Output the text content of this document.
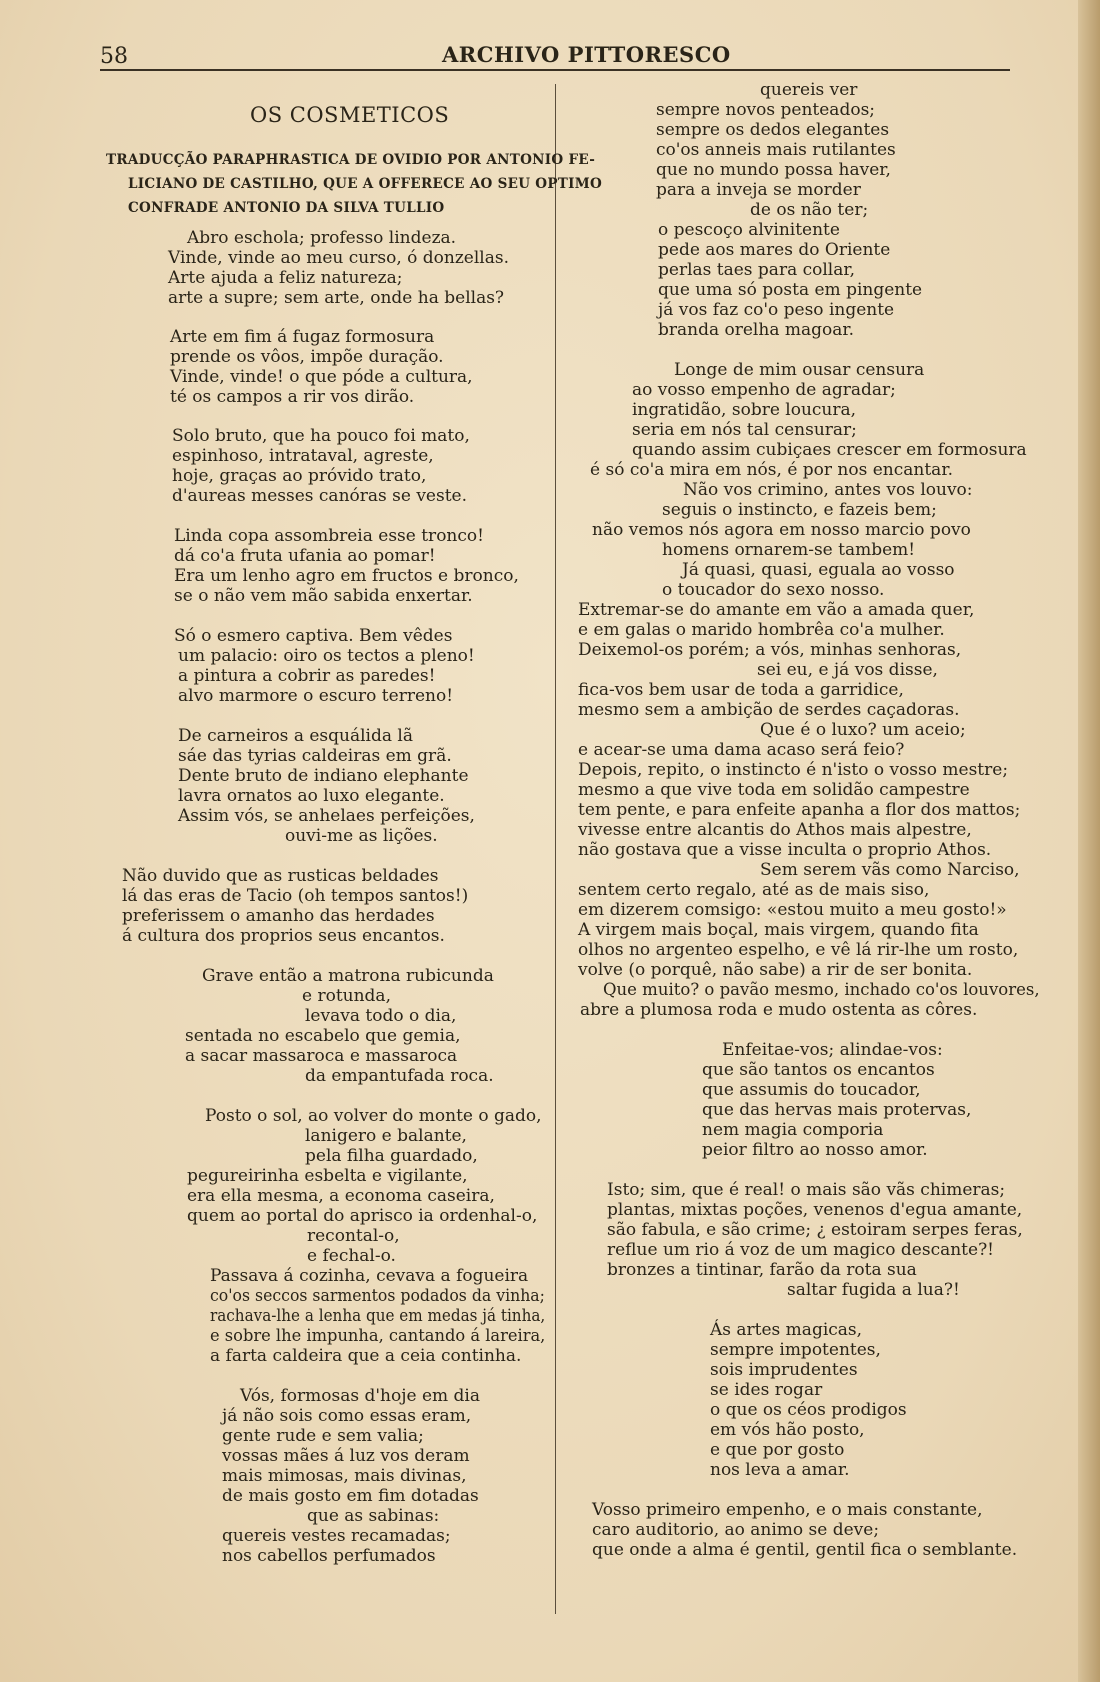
58	ARCHIVO PITTORESCO
OS COSMETICOS
TRADUCÇÃO PARAPHRASTICA DE OVIDIO POR ANTONIO FE-
LICIANO DE CASTILHO, QUE A OFFERECE AO SEU OPTIMO
CONFRADE ANTONIO DA SILVA TULLIO
Abro eschola; professo lindeza.
Vinde, vinde ao meu curso, ó donzellas.
Arte ajuda a feliz natureza;
arte a supre; sem arte, onde ha bellas?
Arte em fim á fugaz formosura
prende os vôos, impõe duração.
Vinde, vinde! o que póde a cultura,
té os campos a rir vos dirão.
Solo bruto, que ha pouco foi mato,
espinhoso, intrataval, agreste,
hoje, graças ao próvido trato,
d'aureas messes canóras se veste.
Linda copa assombreia esse tronco!
dá co'a fruta ufania ao pomar!
Era um lenho agro em fructos e bronco,
se o não vem mão sabida enxertar.
Só o esmero captiva. Bem vêdes
um palacio: oiro os tectos a pleno!
a pintura a cobrir as paredes!
alvo marmore o escuro terreno!
De carneiros a esquálida lã
sáe das tyrias caldeiras em grã.
Dente bruto de indiano elephante
lavra ornatos ao luxo elegante.
Assim vós, se anhelaes perfeições,
ouvi-me as lições.
Não duvido que as rusticas beldades
lá das eras de Tacio (oh tempos santos!)
preferissem o amanho das herdades
á cultura dos proprios seus encantos.
Grave então a matrona rubicunda
e rotunda,
levava todo o dia,
sentada no escabelo que gemia,
a sacar massaroca e massaroca
da empantufada roca.
Posto o sol, ao volver do monte o gado,
lanigero e balante,
pela filha guardado,
pegureirinha esbelta e vigilante,
era ella mesma, a economa caseira,
quem ao portal do aprisco ia ordenhal-o,
recontal-o,
e fechal-o.
Passava á cozinha, cevava a fogueira
co'os seccos sarmentos podados da vinha;
rachava-lhe a lenha que em medas já tinha,
e sobre lhe impunha, cantando á lareira,
a farta caldeira que a ceia continha.
Vós, formosas d'hoje em dia
já não sois como essas eram,
gente rude e sem valia;
vossas mães á luz vos deram
mais mimosas, mais divinas,
de mais gosto em fim dotadas
que as sabinas:
quereis vestes recamadas;
nos cabellos perfumados
quereis ver
sempre novos penteados;
sempre os dedos elegantes
co'os anneis mais rutilantes
que no mundo possa haver,
para a inveja se morder
de os não ter;
o pescoço alvinitente
pede aos mares do Oriente
perlas taes para collar,
que uma só posta em pingente
já vos faz co'o peso ingente
branda orelha magoar.
Longe de mim ousar censura
ao vosso empenho de agradar;
ingratidão, sobre loucura,
seria em nós tal censurar;
quando assim cubiçaes crescer em formosura
é só co'a mira em nós, é por nos encantar.
Não vos crimino, antes vos louvo:
seguis o instincto, e fazeis bem;
não vemos nós agora em nosso marcio povo
homens ornarem-se tambem!
Já quasi, quasi, eguala ao vosso
o toucador do sexo nosso.
Extremar-se do amante em vão a amada quer,
e em galas o marido hombrêa co'a mulher.
Deixemol-os porém; a vós, minhas senhoras,
sei eu, e já vos disse,
fica-vos bem usar de toda a garridice,
mesmo sem a ambição de serdes caçadoras.
Que é o luxo? um aceio;
e acear-se uma dama acaso será feio?
Depois, repito, o instincto é n'isto o vosso mestre;
mesmo a que vive toda em solidão campestre
tem pente, e para enfeite apanha a flor dos mattos;
vivesse entre alcantis do Athos mais alpestre,
não gostava que a visse inculta o proprio Athos.
Sem serem vãs como Narciso,
sentem certo regalo, até as de mais siso,
em dizerem comsigo: «estou muito a meu gosto!»
A virgem mais boçal, mais virgem, quando fita
olhos no argenteo espelho, e vê lá rir-lhe um rosto,
volve (o porquê, não sabe) a rir de ser bonita.
Que muito? o pavão mesmo, inchado co'os louvores,
abre a plumosa roda e mudo ostenta as côres.
Enfeitae-vos; alindae-vos:
que são tantos os encantos
que assumis do toucador,
que das hervas mais protervas,
nem magia comporia
peior filtro ao nosso amor.
Isto; sim, que é real! o mais são vãs chimeras;
plantas, mixtas poções, venenos d'egua amante,
são fabula, e são crime; ¿ estoiram serpes feras,
reflue um rio á voz de um magico descante?!
bronzes a tintinar, farão da rota sua
saltar fugida a lua?!
Ás artes magicas,
sempre impotentes,
sois imprudentes
se ides rogar
o que os céos prodigos
em vós hão posto,
e que por gosto
nos leva a amar.
Vosso primeiro empenho, e o mais constante,
caro auditorio, ao animo se deve;
que onde a alma é gentil, gentil fica o semblante.
